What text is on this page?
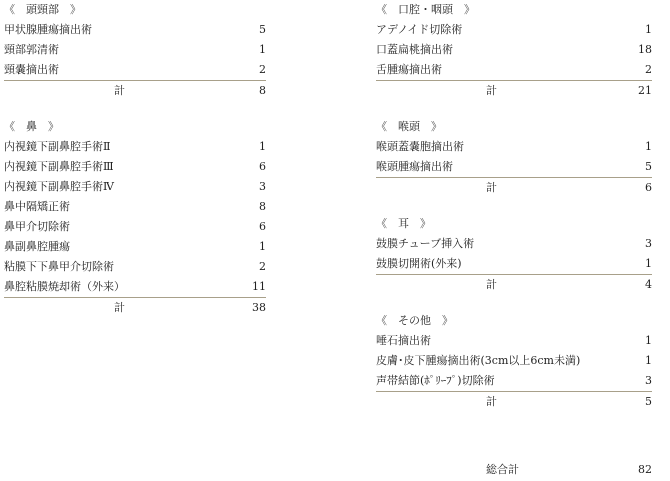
《　頭頸部　》
甲状腺腫瘍摘出術	5
頸部郭清術	1
頸嚢摘出術	2
計	8
《　鼻　》
内視鏡下副鼻腔手術Ⅱ	1
内視鏡下副鼻腔手術Ⅲ	6
内視鏡下副鼻腔手術Ⅳ	3
鼻中隔矯正術	8
鼻甲介切除術	6
鼻副鼻腔腫瘍	1
粘膜下下鼻甲介切除術	2
鼻腔粘膜焼却術（外来）	11
計	38
《　口腔・咽頭　》
アデノイド切除術	1
口蓋扁桃摘出術	18
舌腫瘍摘出術	2
計	21
《　喉頭　》
喉頭蓋嚢胞摘出術	1
喉頭腫瘍摘出術	5
計	6
《　耳　》
鼓膜チューブ挿入術	3
鼓膜切開術(外来)	1
計	4
《　その他　》
唾石摘出術	1
皮膚･皮下腫瘍摘出術(3cm以上6cm未満)	1
声帯結節(ﾎﾟﾘｰﾌﾟ)切除術	3
計	5
総合計	82
